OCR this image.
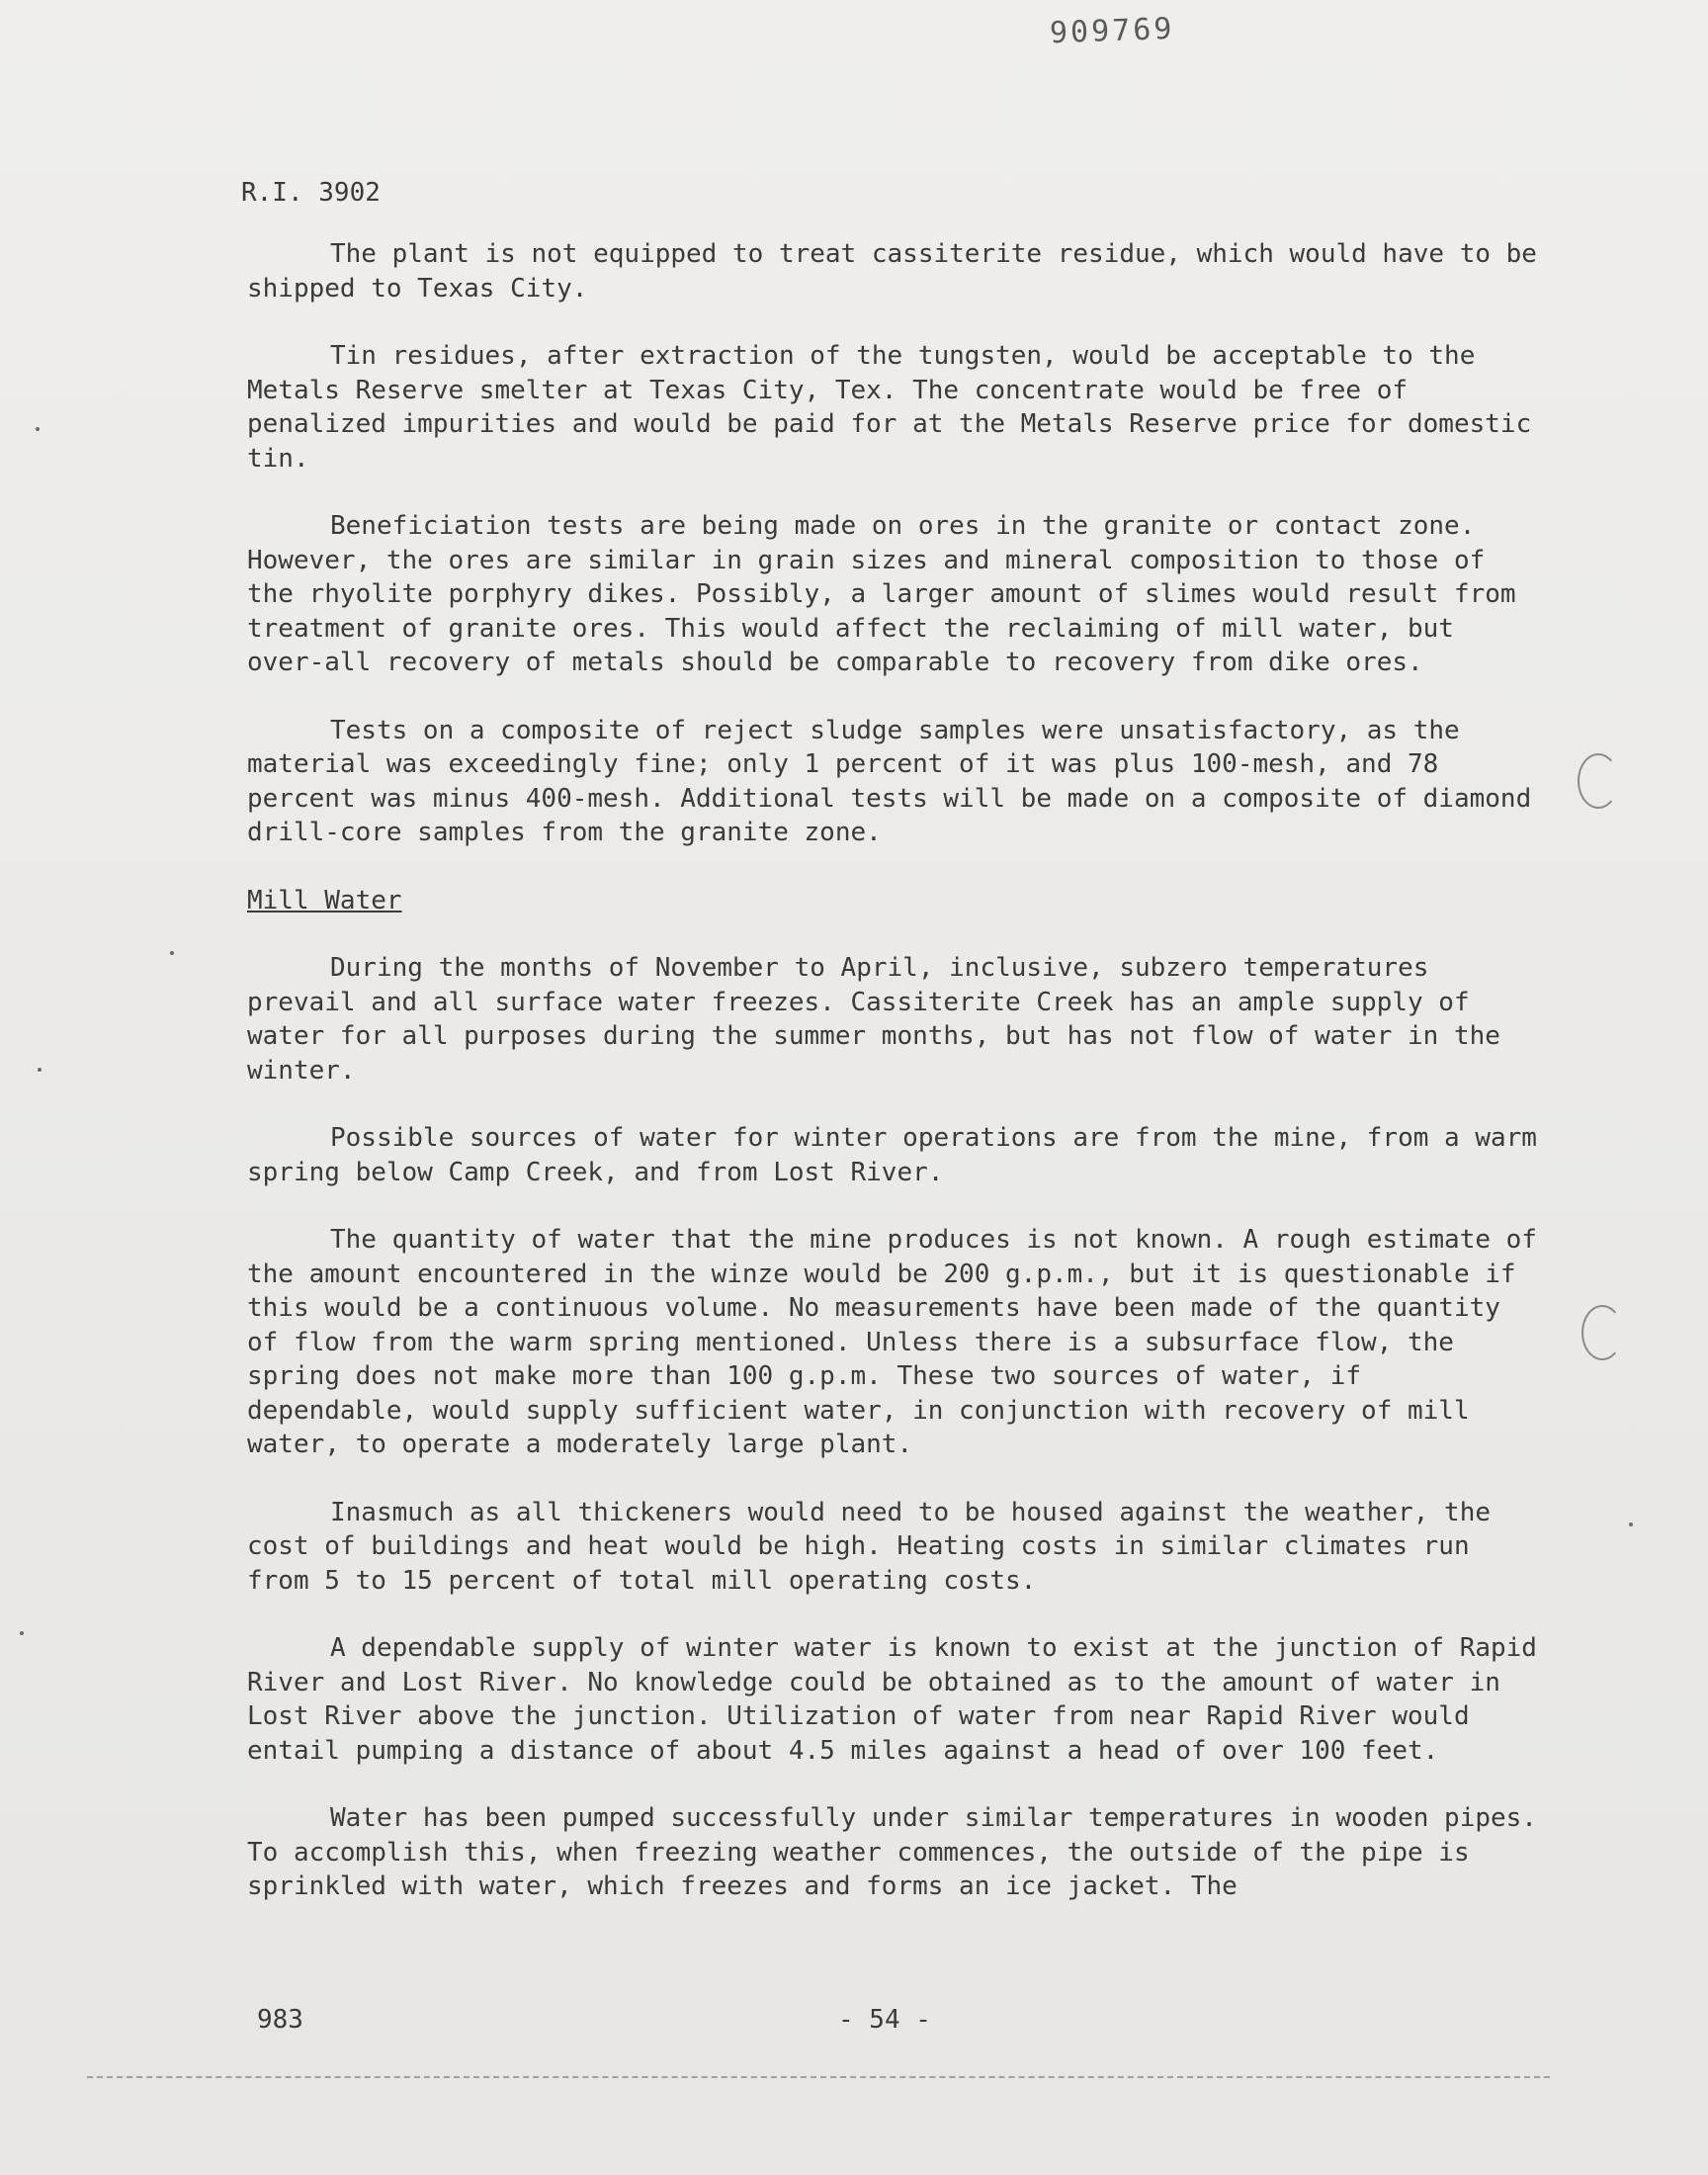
909769
R.I. 3902

The plant is not equipped to treat cassiterite residue, which would have to be shipped to Texas City.

Tin residues, after extraction of the tungsten, would be acceptable to the Metals Reserve smelter at Texas City, Tex. The concentrate would be free of penalized impurities and would be paid for at the Metals Reserve price for domestic tin.

Beneficiation tests are being made on ores in the granite or contact zone. However, the ores are similar in grain sizes and mineral composition to those of the rhyolite porphyry dikes. Possibly, a larger amount of slimes would result from treatment of granite ores. This would affect the reclaiming of mill water, but over-all recovery of metals should be comparable to recovery from dike ores.

Tests on a composite of reject sludge samples were unsatisfactory, as the material was exceedingly fine; only 1 percent of it was plus 100-mesh, and 78 percent was minus 400-mesh. Additional tests will be made on a composite of diamond drill-core samples from the granite zone.

Mill Water

During the months of November to April, inclusive, subzero temperatures prevail and all surface water freezes. Cassiterite Creek has an ample supply of water for all purposes during the summer months, but has not flow of water in the winter.

Possible sources of water for winter operations are from the mine, from a warm spring below Camp Creek, and from Lost River.

The quantity of water that the mine produces is not known. A rough estimate of the amount encountered in the winze would be 200 g.p.m., but it is questionable if this would be a continuous volume. No measurements have been made of the quantity of flow from the warm spring mentioned. Unless there is a subsurface flow, the spring does not make more than 100 g.p.m. These two sources of water, if dependable, would supply sufficient water, in conjunction with recovery of mill water, to operate a moderately large plant.

Inasmuch as all thickeners would need to be housed against the weather, the cost of buildings and heat would be high. Heating costs in similar climates run from 5 to 15 percent of total mill operating costs.

A dependable supply of winter water is known to exist at the junction of Rapid River and Lost River. No knowledge could be obtained as to the amount of water in Lost River above the junction. Utilization of water from near Rapid River would entail pumping a distance of about 4.5 miles against a head of over 100 feet.

Water has been pumped successfully under similar temperatures in wooden pipes. To accomplish this, when freezing weather commences, the outside of the pipe is sprinkled with water, which freezes and forms an ice jacket. The

983	- 54 -
